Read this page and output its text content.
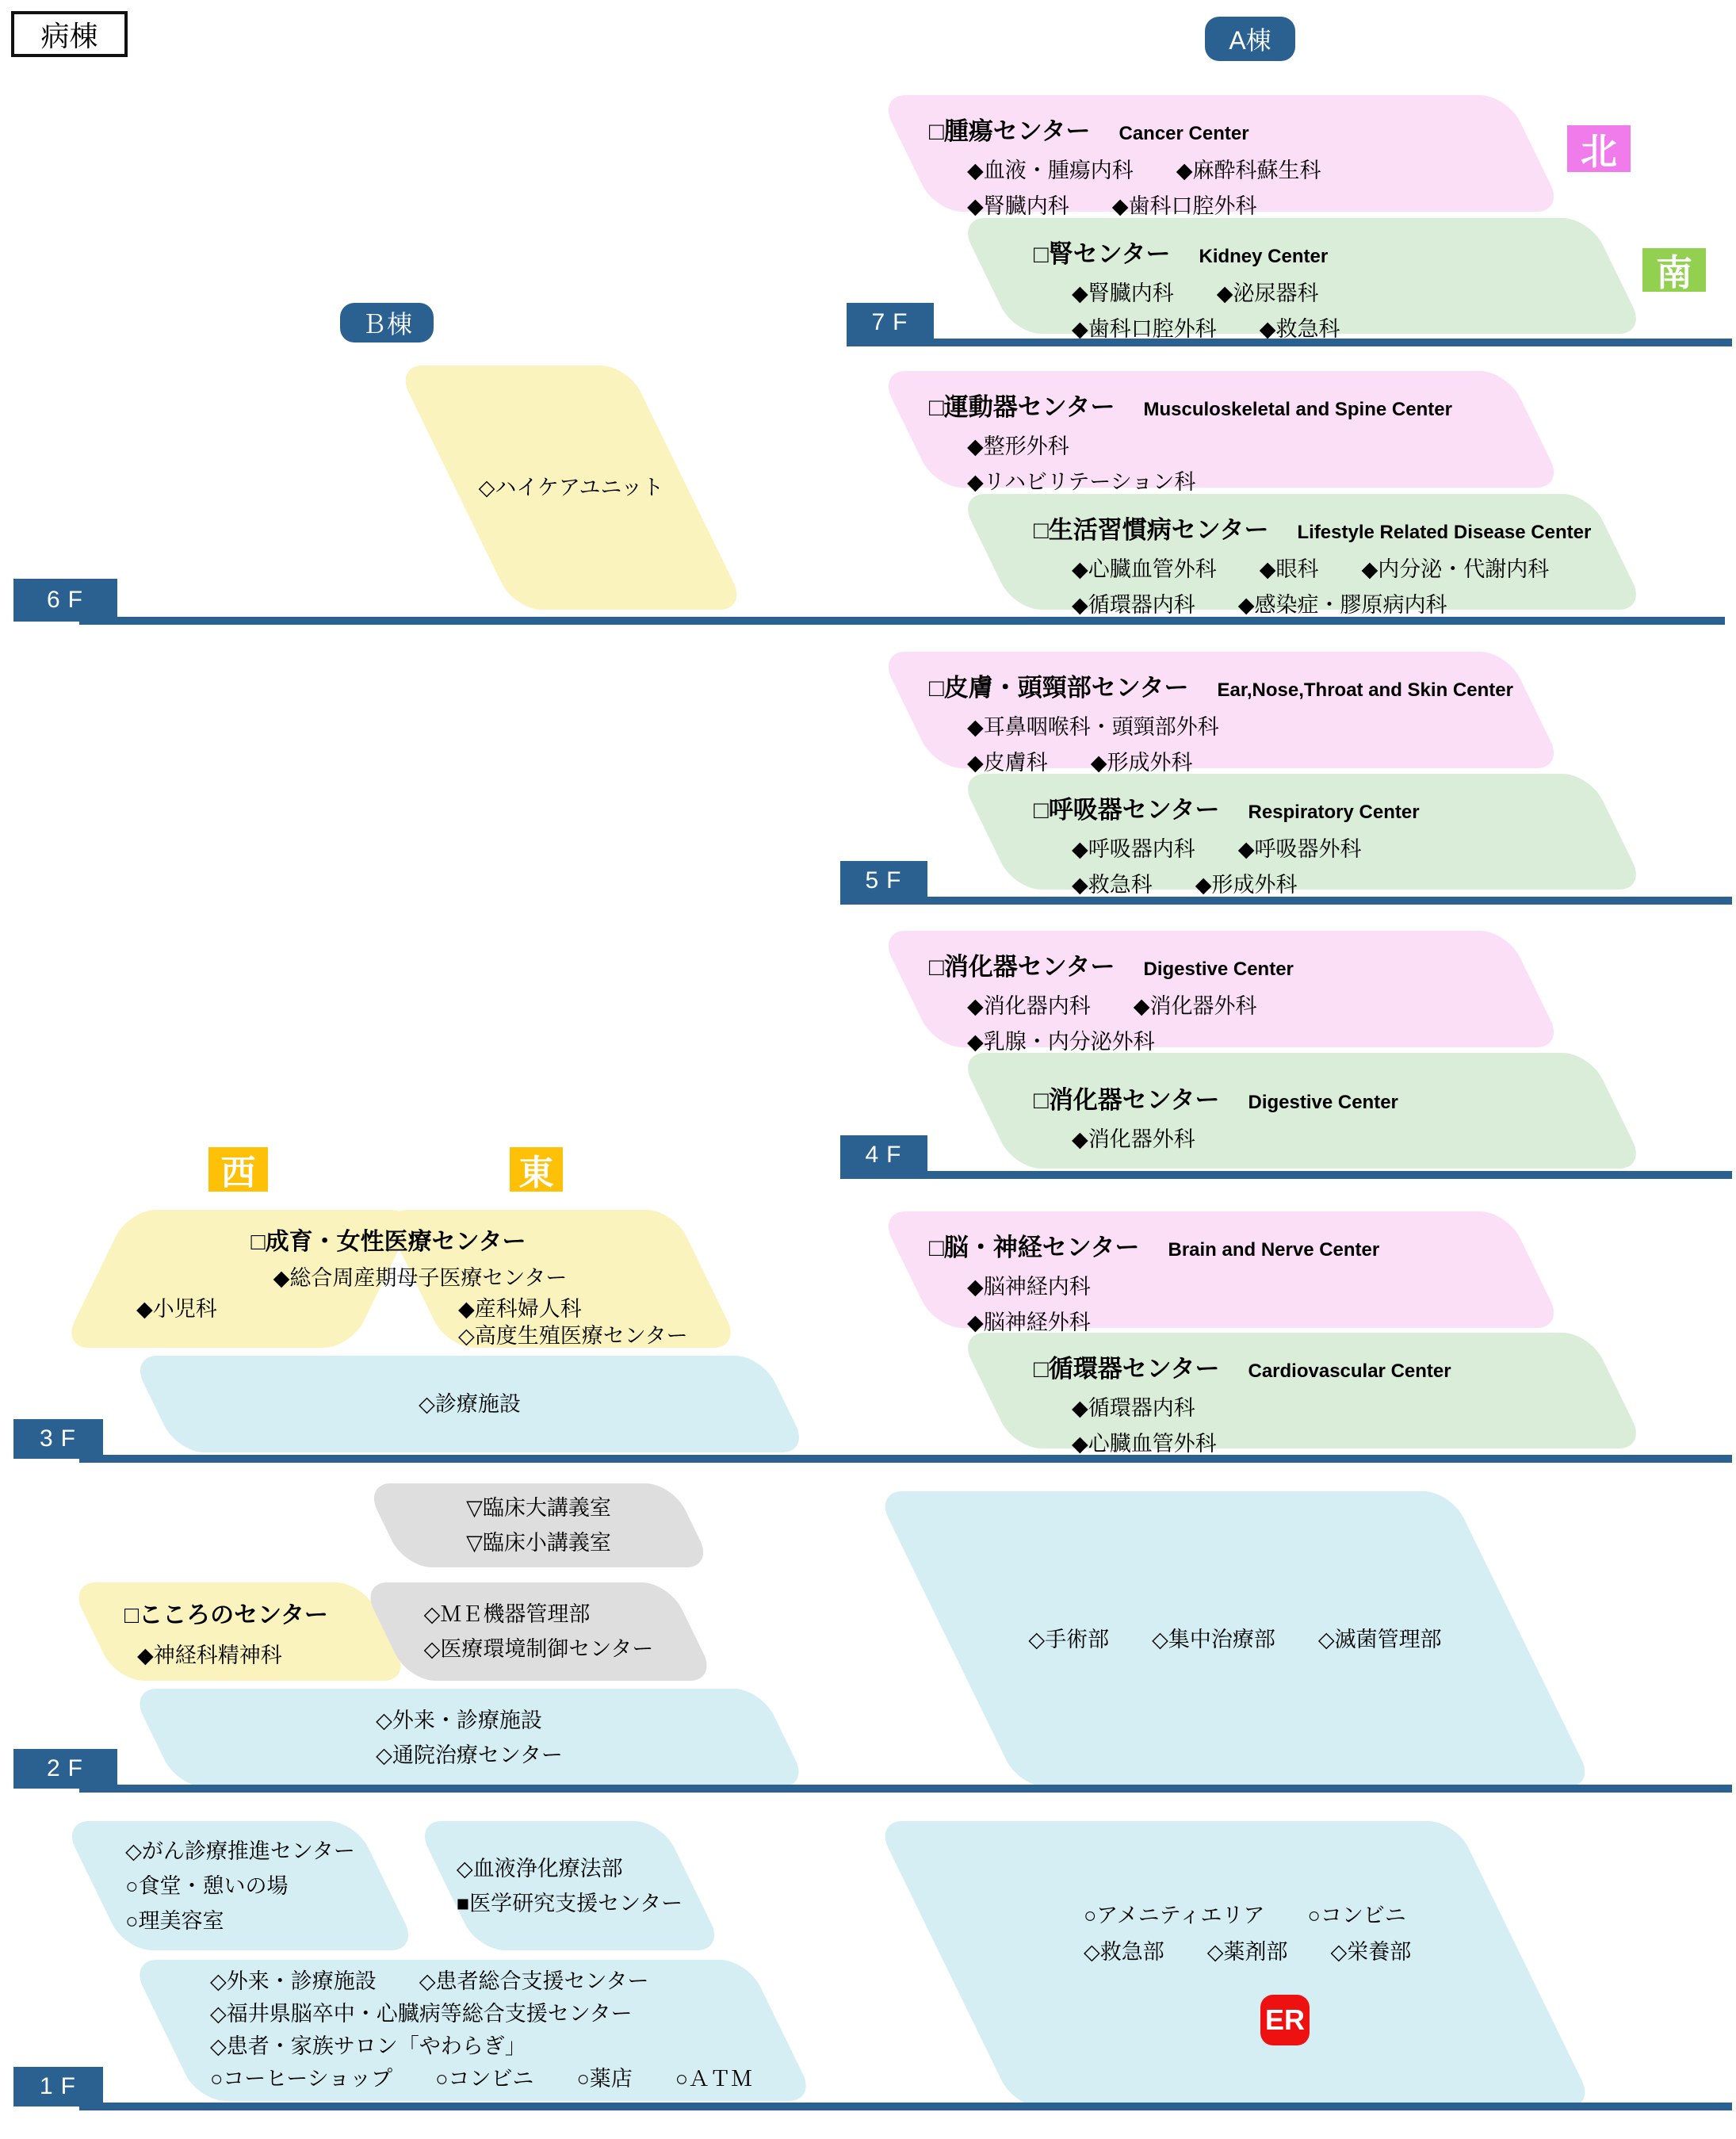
病棟	А棟
Ｂ棟
北
南
西	東
7F
6F
5F
4F
3F
2F
1F
□腫瘍センター Cancer Center
◆血液・腫瘍内科　　◆麻酔科蘇生科
◆腎臓内科　　◆歯科口腔外科
□腎センター Kidney Center
◆腎臓内科　　◆泌尿器科
◆歯科口腔外科　　◆救急科
◇ハイケアユニット
□運動器センター Musculoskeletal and Spine Center
◆整形外科
◆リハビリテーション科
□生活習慣病センター Lifestyle Related Disease Center
◆心臓血管外科　　◆眼科　　◆内分泌・代謝内科
◆循環器内科　　◆感染症・膠原病内科
□皮膚・頭頸部センター Ear,Nose,Throat and Skin Center
◆耳鼻咽喉科・頭頸部外科
◆皮膚科　　◆形成外科
□呼吸器センター Respiratory Center
◆呼吸器内科　　◆呼吸器外科
◆救急科　　◆形成外科
□消化器センター Digestive Center
◆消化器内科　　◆消化器外科
◆乳腺・内分泌外科
□消化器センター Digestive Center
◆消化器外科
□脳・神経センター Brain and Nerve Center
◆脳神経内科
◆脳神経外科
□循環器センター Cardiovascular Center
◆循環器内科
◆心臓血管外科
□成育・女性医療センター
◆総合周産期母子医療センター
◆小児科	◆産科婦人科
◇高度生殖医療センター
◇診療施設
▽臨床大講義室
▽臨床小講義室
□こころのセンター
◆神経科精神科
◇ＭＥ機器管理部
◇医療環境制御センター
◇外来・診療施設
◇通院治療センター
◇手術部　　◇集中治療部　　◇滅菌管理部
◇がん診療推進センター
○食堂・憩いの場
○理美容室
◇血液浄化療法部
■医学研究支援センター
◇外来・診療施設　　◇患者総合支援センター
◇福井県脳卒中・心臓病等総合支援センター
◇患者・家族サロン「やわらぎ」
○コーヒーショップ　　○コンビニ　　○薬店　　○ＡＴＭ
○アメニティエリア　　○コンビニ
◇救急部　　◇薬剤部　　◇栄養部
ER
